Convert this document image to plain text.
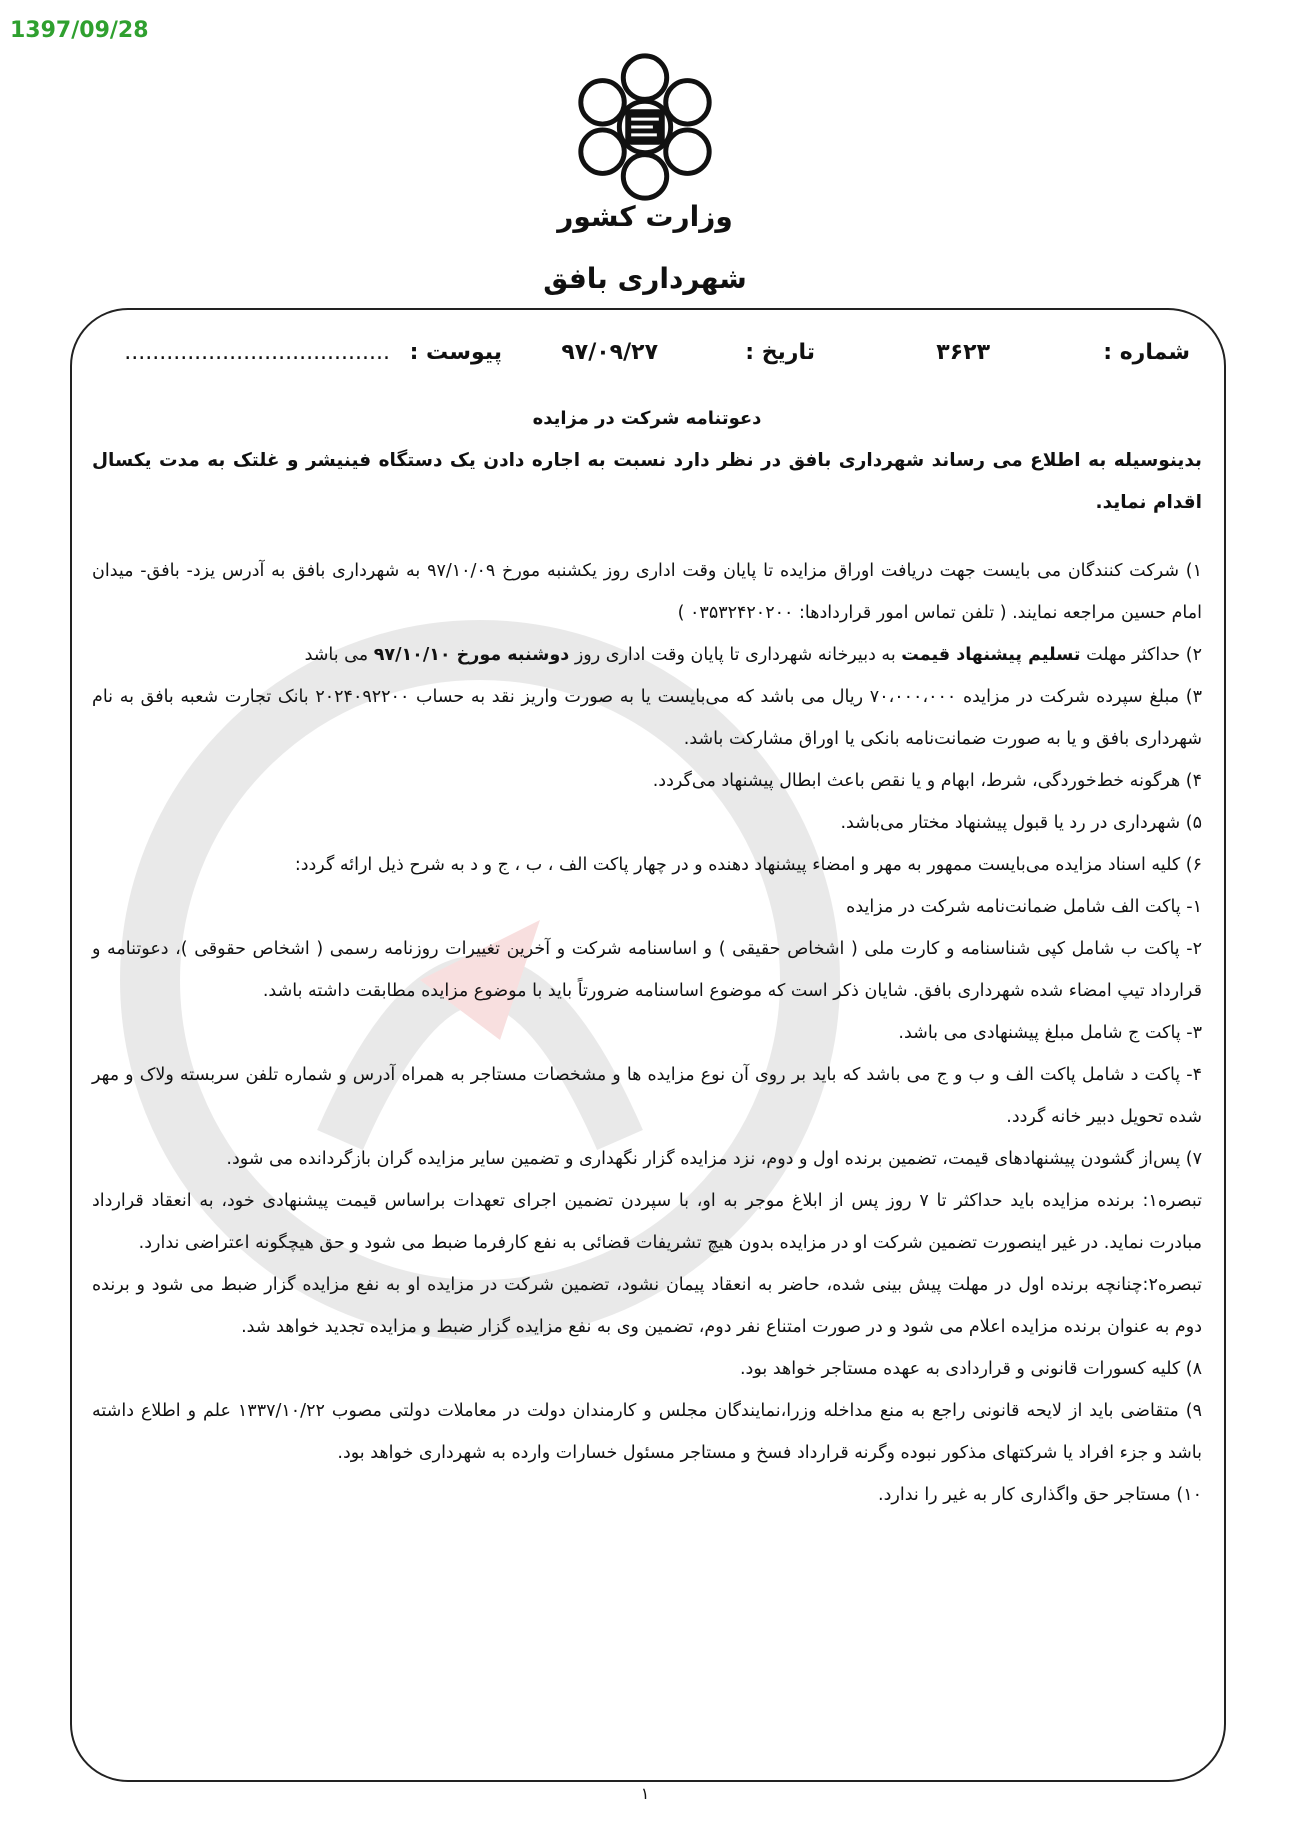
1397/09/28
وزارت کشور
شهرداری بافق
شماره :
۳۶۲۳
تاریخ :
۹۷/۰۹/۲۷
پیوست :
......................................

دعوتنامه شرکت در مزایده

بدینوسیله به اطلاع می رساند شهرداری بافق در نظر دارد نسبت به اجاره دادن یک دستگاه فینیشر و غلتک به مدت یکسال اقدام نماید.

۱) شرکت کنندگان می بایست جهت دریافت اوراق مزایده تا پایان وقت اداری روز یکشنبه مورخ ۹۷/۱۰/۰۹ به شهرداری بافق به آدرس یزد- بافق- میدان امام حسین مراجعه نمایند. ( تلفن تماس امور قراردادها: ۰۳۵۳۲۴۲۰۲۰۰ )

۲) حداکثر مهلت تسلیم پیشنهاد قیمت به دبیرخانه شهرداری تا پایان وقت اداری روز دوشنبه مورخ ۹۷/۱۰/۱۰ می باشد

۳) مبلغ سپرده شرکت در مزایده ۷۰،۰۰۰،۰۰۰ ریال می باشد که می‌بایست یا به صورت واریز نقد به حساب ۲۰۲۴۰۹۲۲۰۰ بانک تجارت شعبه بافق به نام شهرداری بافق و یا به صورت ضمانت‌نامه بانکی یا اوراق مشارکت باشد.

۴) هرگونه خط‌خوردگی، شرط، ابهام و یا نقص باعث ابطال پیشنهاد می‌گردد.

۵) شهرداری در رد یا قبول پیشنهاد مختار می‌باشد.

۶) کلیه اسناد مزایده می‌بایست ممهور به مهر و امضاء پیشنهاد دهنده و در چهار پاکت الف ، ب ، ج و د به شرح ذیل ارائه گردد:

۱- پاکت الف شامل ضمانت‌نامه شرکت در مزایده

۲- پاکت ب شامل کپی شناسنامه و کارت ملی ( اشخاص حقیقی ) و اساسنامه شرکت و آخرین تغییرات روزنامه رسمی ( اشخاص حقوقی )، دعوتنامه و قرارداد تیپ امضاء شده شهرداری بافق. شایان ذکر است که موضوع اساسنامه ضرورتاً باید با موضوع مزایده مطابقت داشته باشد.

۳- پاکت ج شامل مبلغ پیشنهادی می باشد.

۴- پاکت د شامل پاکت الف و ب و ج می باشد که باید بر روی آن نوع مزایده ها و مشخصات مستاجر به همراه آدرس و شماره تلفن سربسته ولاک و مهر شده تحویل دبیر خانه گردد.

۷) پس‌از گشودن پیشنهادهای قیمت، تضمین برنده اول و دوم، نزد مزایده گزار نگهداری و تضمین سایر مزایده گران بازگردانده می شود.

تبصره۱: برنده مزایده باید حداکثر تا ۷ روز پس از ابلاغ موجر به او، با سپردن تضمین اجرای تعهدات براساس قیمت پیشنهادی خود، به انعقاد قرارداد مبادرت نماید. در غیر اینصورت تضمین شرکت او در مزایده بدون هیچ تشریفات قضائی به نفع کارفرما ضبط می شود و حق هیچگونه اعتراضی ندارد.

تبصره۲:چنانچه برنده اول در مهلت پیش بینی شده، حاضر به انعقاد پیمان نشود، تضمین شرکت در مزایده او به نفع مزایده گزار ضبط می شود و برنده دوم به عنوان برنده مزایده اعلام می شود و در صورت امتناع نفر دوم، تضمین وی به نفع مزایده گزار ضبط و مزایده تجدید خواهد شد.

۸) کلیه کسورات قانونی و قراردادی به عهده مستاجر خواهد بود.

۹) متقاضی باید از لایحه قانونی راجع به منع مداخله وزرا،نمایندگان مجلس و کارمندان دولت در معاملات دولتی مصوب ۱۳۳۷/۱۰/۲۲ علم و اطلاع داشته باشد و جزء افراد یا شرکتهای مذکور نبوده وگرنه قرارداد فسخ و مستاجر مسئول خسارات وارده به شهرداری خواهد بود.

۱۰) مستاجر حق واگذاری کار به غیر را ندارد.

۱
